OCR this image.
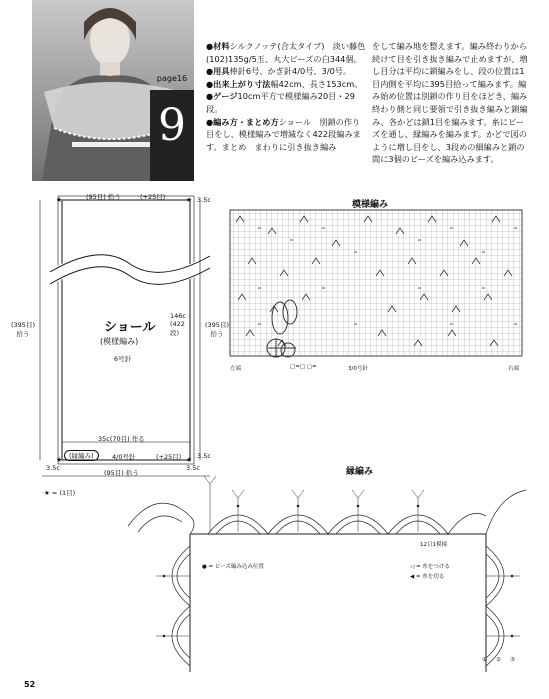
page16
9

●材料シルクノッテ(合太タイプ)　淡い藤色(102)135g/5玉、丸大ビーズの白344個。

●用具棒針6号、かぎ針4/0号、3/0号。

●出来上がり寸法幅42cm、長さ153cm。

●ゲージ10cm平方で模様編み20目・29段。

●編み方・まとめ方ショール　別鎖の作り目をし、模様編みで増減なく422段編みます。まとめ　まわりに引き抜き編み

をして編み地を整えます。編み終わりから続けて目を引き抜き編みで止めますが、増し目分は平均に鎖編みをし、段の位置は1目内側を平均に395目拾って編みます。編み始め位置は別鎖の作り目をほどき、編み終わり側と同じ要領で引き抜き編みと鎖編み、各かどは鎖1目を編みます。糸にビーズを通し、縁編みを編みます。かどで図のように増し目をし、3段めの細編みと鎖の間に3個のビーズを編み込みます。
★	★
★	★
(95目) 拾う	(+25目)	3.5c
(395目) 拾う
(395目) 拾う
ショール
(模様編み)
6号針
146c (422段)
35c(70目) 作る
(縁編み)	4/0号針	(+25目) 3.5c
3.5c	3.5c
(95目) 拾う
★ = (1目)
模様編み
左端	右端
□=□ ▢=	3/0号針
縁編み
12目1模様
● = ビーズ編み込み位置	◁ = 糸をつける
◀ = 糸を切る
① ② ③
52
